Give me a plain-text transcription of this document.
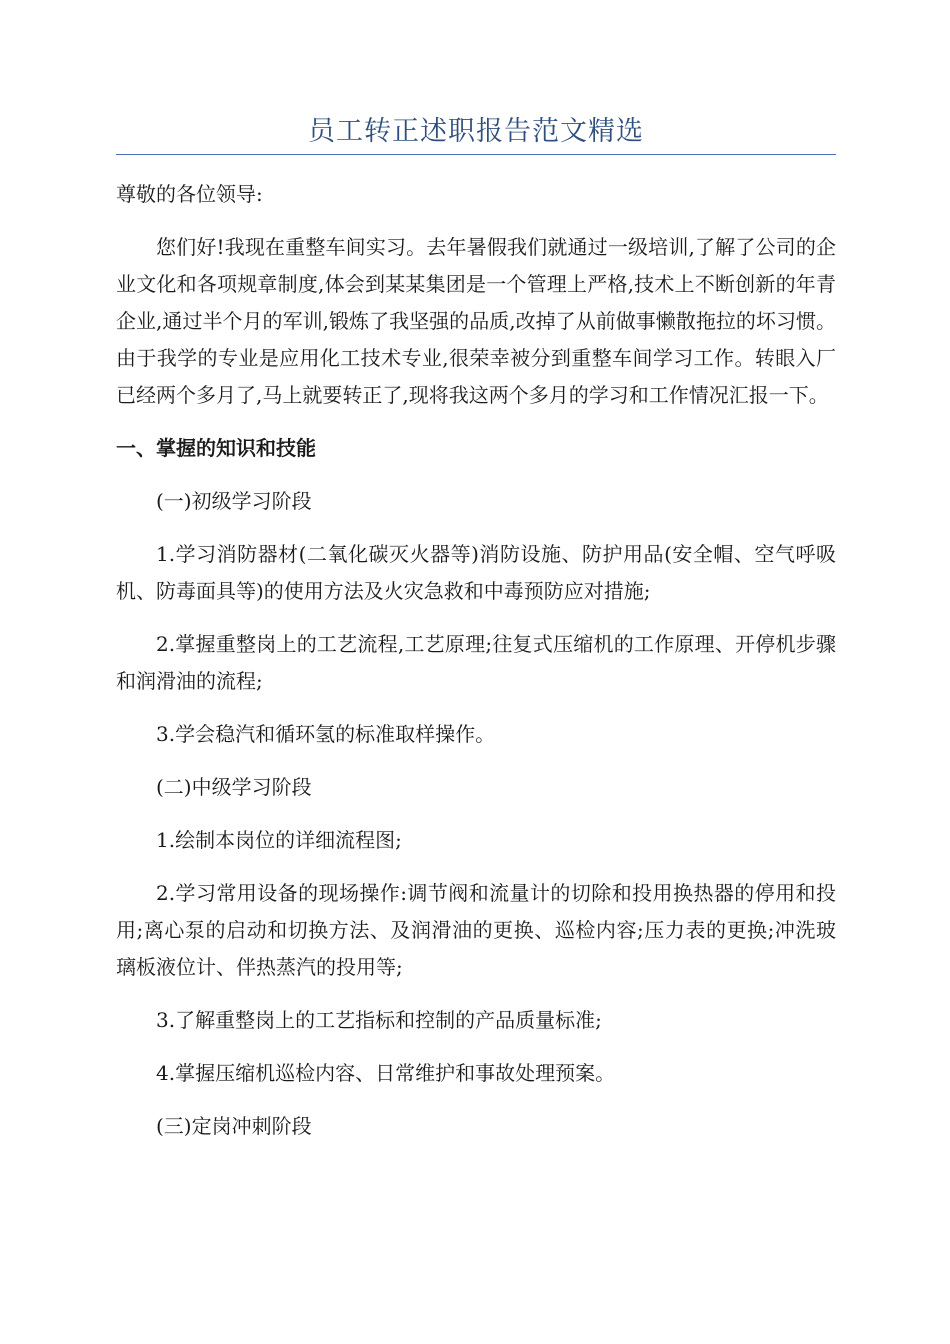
员工转正述职报告范文精选

尊敬的各位领导:

您们好!我现在重整车间实习。去年暑假我们就通过一级培训,了解了公司的企业文化和各项规章制度,体会到某某集团是一个管理上严格,技术上不断创新的年青企业,通过半个月的军训,锻炼了我坚强的品质,改掉了从前做事懒散拖拉的坏习惯。由于我学的专业是应用化工技术专业,很荣幸被分到重整车间学习工作。转眼入厂已经两个多月了,马上就要转正了,现将我这两个多月的学习和工作情况汇报一下。

一、掌握的知识和技能

(一)初级学习阶段

1.学习消防器材(二氧化碳灭火器等)消防设施、防护用品(安全帽、空气呼吸机、防毒面具等)的使用方法及火灾急救和中毒预防应对措施;

2.掌握重整岗上的工艺流程,工艺原理;往复式压缩机的工作原理、开停机步骤和润滑油的流程;

3.学会稳汽和循环氢的标准取样操作。

(二)中级学习阶段

1.绘制本岗位的详细流程图;

2.学习常用设备的现场操作:调节阀和流量计的切除和投用换热器的停用和投用;离心泵的启动和切换方法、及润滑油的更换、巡检内容;压力表的更换;冲洗玻璃板液位计、伴热蒸汽的投用等;

3.了解重整岗上的工艺指标和控制的产品质量标准;

4.掌握压缩机巡检内容、日常维护和事故处理预案。

(三)定岗冲刺阶段
